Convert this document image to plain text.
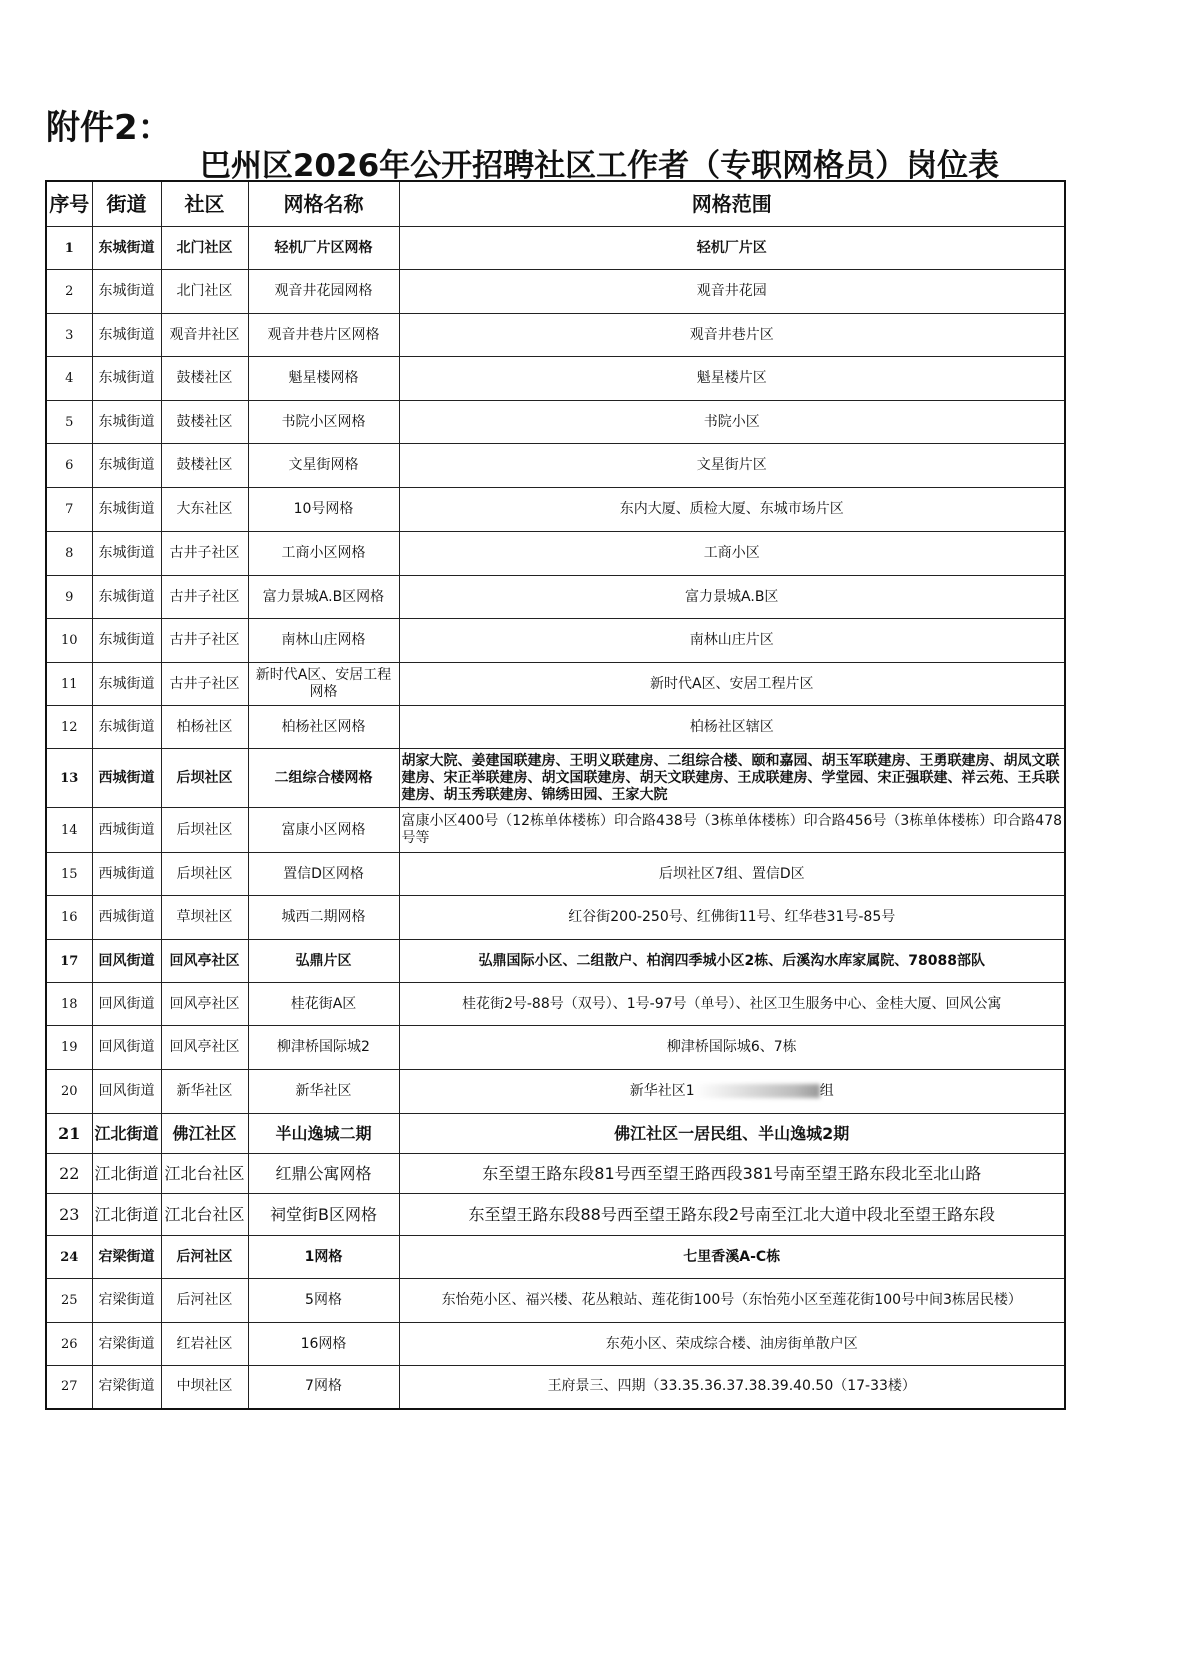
附件2：
巴州区2026年公开招聘社区工作者（专职网格员）岗位表
序号	街道	社区	网格名称	网格范围
1	东城街道	北门社区	轻机厂片区网格	轻机厂片区
2	东城街道	北门社区	观音井花园网格	观音井花园
3	东城街道	观音井社区	观音井巷片区网格	观音井巷片区
4	东城街道	鼓楼社区	魁星楼网格	魁星楼片区
5	东城街道	鼓楼社区	书院小区网格	书院小区
6	东城街道	鼓楼社区	文星街网格	文星街片区
7	东城街道	大东社区	10号网格	东内大厦、质检大厦、东城市场片区
8	东城街道	古井子社区	工商小区网格	工商小区
9	东城街道	古井子社区	富力景城A.B区网格	富力景城A.B区
10	东城街道	古井子社区	南林山庄网格	南林山庄片区
11	东城街道	古井子社区	新时代A区、安居工程网格	新时代A区、安居工程片区
12	东城街道	柏杨社区	柏杨社区网格	柏杨社区辖区
13	西城街道	后坝社区	二组综合楼网格	胡家大院、姜建国联建房、王明义联建房、二组综合楼、颐和嘉园、胡玉军联建房、王勇联建房、胡凤文联建房、宋正举联建房、胡文国联建房、胡天文联建房、王成联建房、学堂园、宋正强联建、祥云苑、王兵联建房、胡玉秀联建房、锦绣田园、王家大院
14	西城街道	后坝社区	富康小区网格	富康小区400号（12栋单体楼栋）印合路438号（3栋单体楼栋）印合路456号（3栋单体楼栋）印合路478号等
15	西城街道	后坝社区	置信D区网格	后坝社区7组、置信D区
16	西城街道	草坝社区	城西二期网格	红谷街200-250号、红佛街11号、红华巷31号-85号
17	回风街道	回风亭社区	弘鼎片区	弘鼎国际小区、二组散户、柏润四季城小区2栋、后溪沟水库家属院、78088部队
18	回风街道	回风亭社区	桂花街A区	桂花街2号-88号（双号）、1号-97号（单号）、社区卫生服务中心、金桂大厦、回风公寓
19	回风街道	回风亭社区	柳津桥国际城2	柳津桥国际城6、7栋
20	回风街道	新华社区	新华社区	新华社区1 组
21	江北街道	佛江社区	半山逸城二期	佛江社区一居民组、半山逸城2期
22	江北街道	江北台社区	红鼎公寓网格	东至望王路东段81号西至望王路西段381号南至望王路东段北至北山路
23	江北街道	江北台社区	祠堂街B区网格	东至望王路东段88号西至望王路东段2号南至江北大道中段北至望王路东段
24	宕梁街道	后河社区	1网格	七里香溪A-C栋
25	宕梁街道	后河社区	5网格	东怡苑小区、福兴楼、花丛粮站、莲花街100号（东怡苑小区至莲花街100号中间3栋居民楼）
26	宕梁街道	红岩社区	16网格	东苑小区、荣成综合楼、油房街单散户区
27	宕梁街道	中坝社区	7网格	王府景三、四期（33.35.36.37.38.39.40.50（17-33楼）
